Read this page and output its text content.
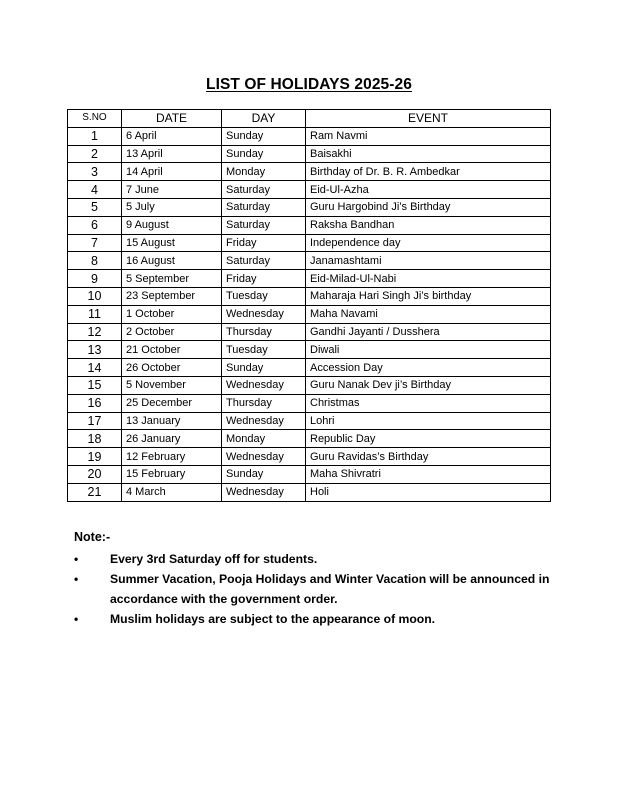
LIST OF HOLIDAYS 2025-26
S.NO	DATE	DAY	EVENT
1	6 April	Sunday	Ram Navmi
2	13 April	Sunday	Baisakhi
3	14 April	Monday	Birthday of Dr. B. R. Ambedkar
4	7 June	Saturday	Eid-Ul-Azha
5	5 July	Saturday	Guru Hargobind Ji’s Birthday
6	9 August	Saturday	Raksha Bandhan
7	15 August	Friday	Independence day
8	16 August	Saturday	Janamashtami
9	5 September	Friday	Eid-Milad-Ul-Nabi
10	23 September	Tuesday	Maharaja Hari Singh Ji’s birthday
11	1 October	Wednesday	Maha Navami
12	2 October	Thursday	Gandhi Jayanti / Dusshera
13	21 October	Tuesday	Diwali
14	26 October	Sunday	Accession Day
15	5 November	Wednesday	Guru Nanak Dev ji’s Birthday
16	25 December	Thursday	Christmas
17	13 January	Wednesday	Lohri
18	26 January	Monday	Republic Day
19	12 February	Wednesday	Guru Ravidas’s Birthday
20	15 February	Sunday	Maha Shivratri
21	4 March	Wednesday	Holi
Note:-
•	Every 3rd Saturday off for students.
•	Summer Vacation, Pooja Holidays and Winter Vacation will be announced in accordance with the government order.
•	Muslim holidays are subject to the appearance of moon.
